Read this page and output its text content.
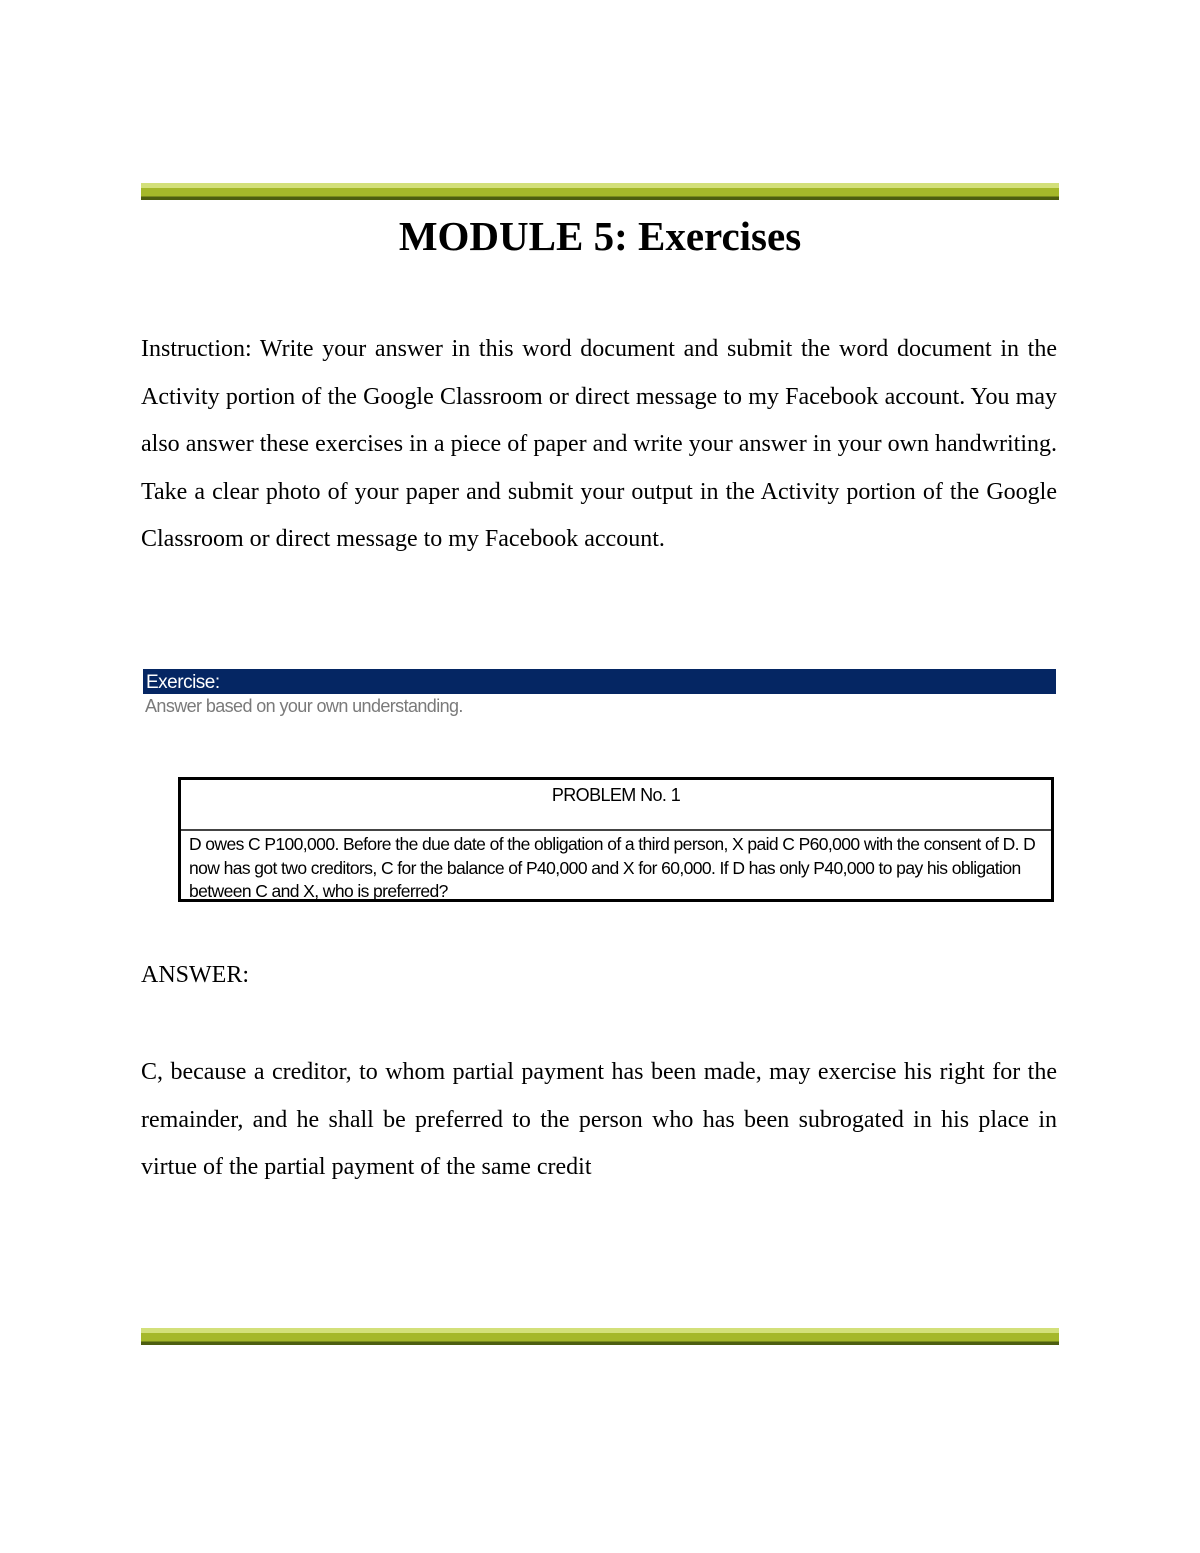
MODULE 5: Exercises

Instruction: Write your answer in this word document and submit the word document in the Activity portion of the Google Classroom or direct message to my Facebook account. You may also answer these exercises in a piece of paper and write your answer in your own handwriting. Take a clear photo of your paper and submit your output in the Activity portion of the Google Classroom or direct message to my Facebook account.

Exercise:
Answer based on your own understanding.
PROBLEM No. 1
D owes C P100,000. Before the due date of the obligation of a third person, X paid C P60,000 with the consent of D. D now has got two creditors, C for the balance of P40,000 and X for 60,000. If D has only P40,000 to pay his obligation between C and X, who is preferred?

ANSWER:

C, because a creditor, to whom partial payment has been made, may exercise his right for the remainder, and he shall be preferred to the person who has been subrogated in his place in virtue of the partial payment of the same credit
